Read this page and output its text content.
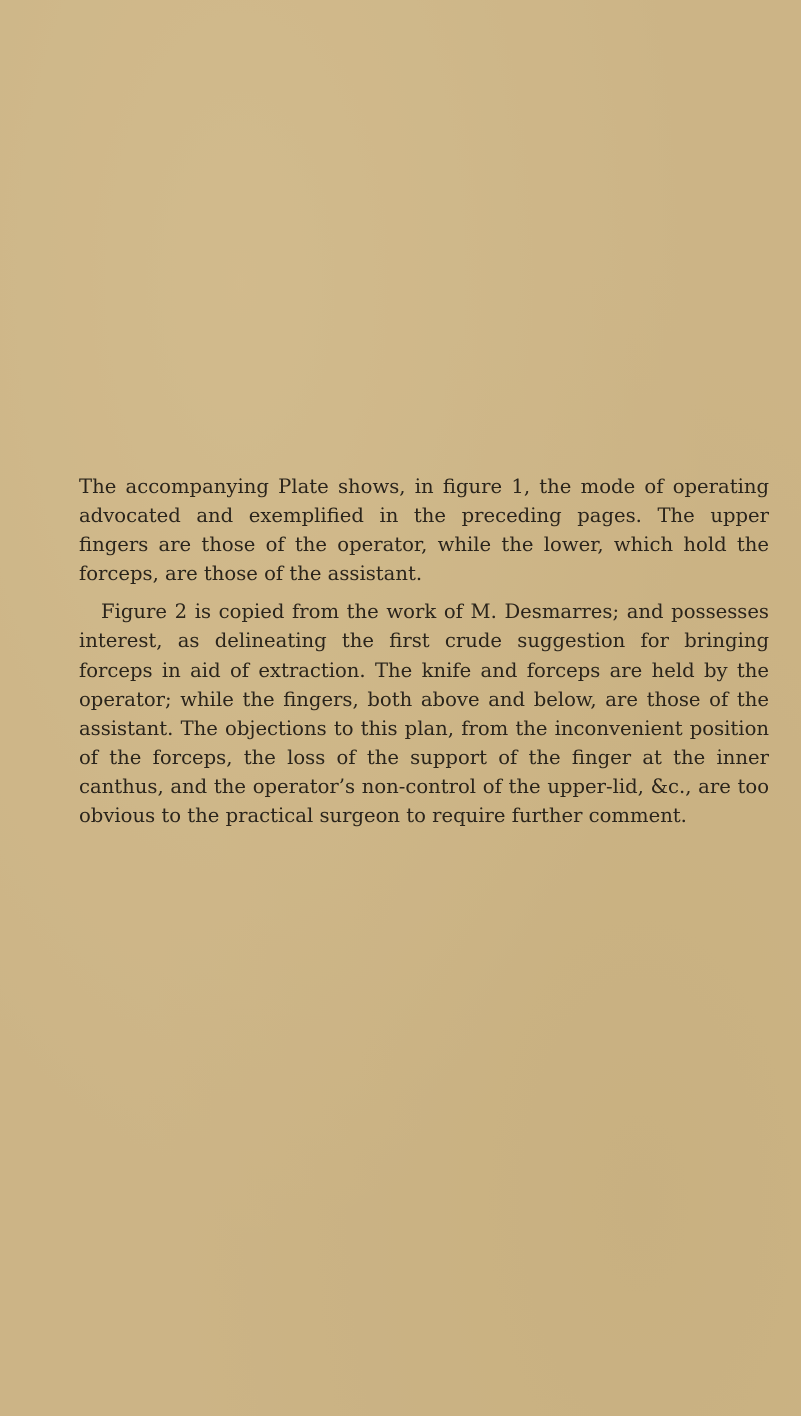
The accompanying Plate shows, in figure 1, the mode of operating advocated and exemplified in the preceding pages. The upper fingers are those of the operator, while the lower, which hold the forceps, are those of the assistant.

Figure 2 is copied from the work of M. Desmarres; and possesses interest, as delineating the first crude suggestion for bringing forceps in aid of extraction. The knife and forceps are held by the operator; while the fingers, both above and below, are those of the assistant. The objections to this plan, from the inconvenient position of the forceps, the loss of the support of the finger at the inner canthus, and the operator’s non-control of the upper-lid, &c., are too obvious to the practical surgeon to require further comment.
